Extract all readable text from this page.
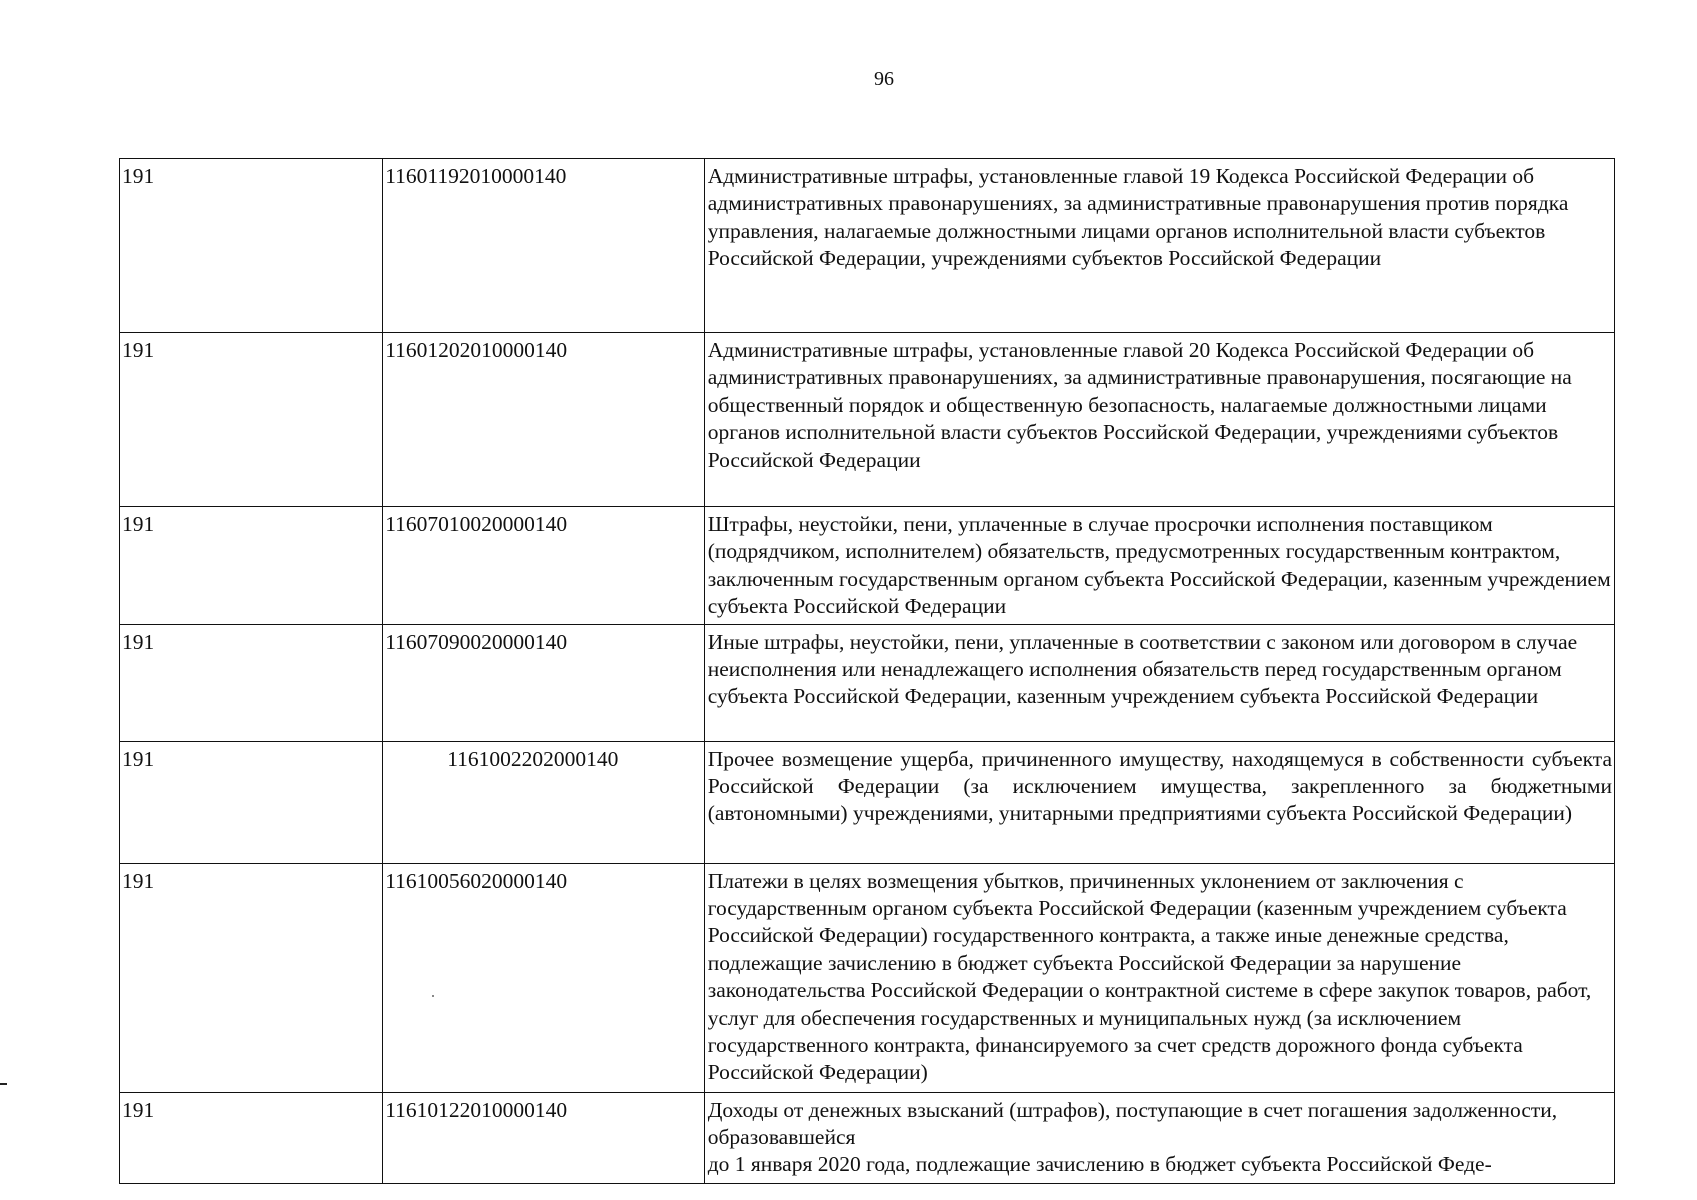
96
191	11601192010000140	Административные штрафы, установленные главой 19 Кодекса Российской Федерации об административных правонарушениях, за административные правонарушения против порядка управления, налагаемые должностными лицами органов исполнительной власти субъектов Российской Федерации, учреждениями субъектов Российской Федерации
191	11601202010000140	Административные штрафы, установленные главой 20 Кодекса Российской Федерации об административных правонарушениях, за административные правонарушения, посягающие на общественный порядок и общественную безопасность, налагаемые должностными лицами органов исполнительной власти субъектов Российской Федерации, учреждениями субъектов Российской Федерации
191	11607010020000140	Штрафы, неустойки, пени, уплаченные в случае просрочки исполнения поставщиком (подрядчиком, исполнителем) обязательств, предусмотренных государственным контрактом, заключенным государственным органом субъекта Российской Федерации, казенным учреждением субъекта Российской Федерации
191	11607090020000140	Иные штрафы, неустойки, пени, уплаченные в соответствии с законом или договором в случае неисполнения или ненадлежащего исполнения обязательств перед государственным органом субъекта Российской Федерации, казенным учреждением субъекта Российской Федерации
191	1161002202000140	Прочее возмещение ущерба, причиненного имуществу, находящемуся в собственности субъекта Российской Федерации (за исключением имущества, закрепленного за бюджетными (автономными) учреждениями, унитарными предприятиями субъекта Российской Федерации)
191	11610056020000140	Платежи в целях возмещения убытков, причиненных уклонением от заключения с государственным органом субъекта Российской Федерации (казенным учреждением субъекта Российской Федерации) государственного контракта, а также иные денежные средства, подлежащие зачислению в бюджет субъекта Российской Федерации за нарушение законодательства Российской Федерации о контрактной системе в сфере закупок товаров, работ, услуг для обеспечения государственных и муниципальных нужд (за исключением государственного контракта, финансируемого за счет средств дорожного фонда субъекта Российской Федерации)
191	11610122010000140	Доходы от денежных взысканий (штрафов), поступающие в счет погашения задолженности, образовавшейся
до 1 января 2020 года, подлежащие зачислению в бюджет субъекта Российской Феде-
